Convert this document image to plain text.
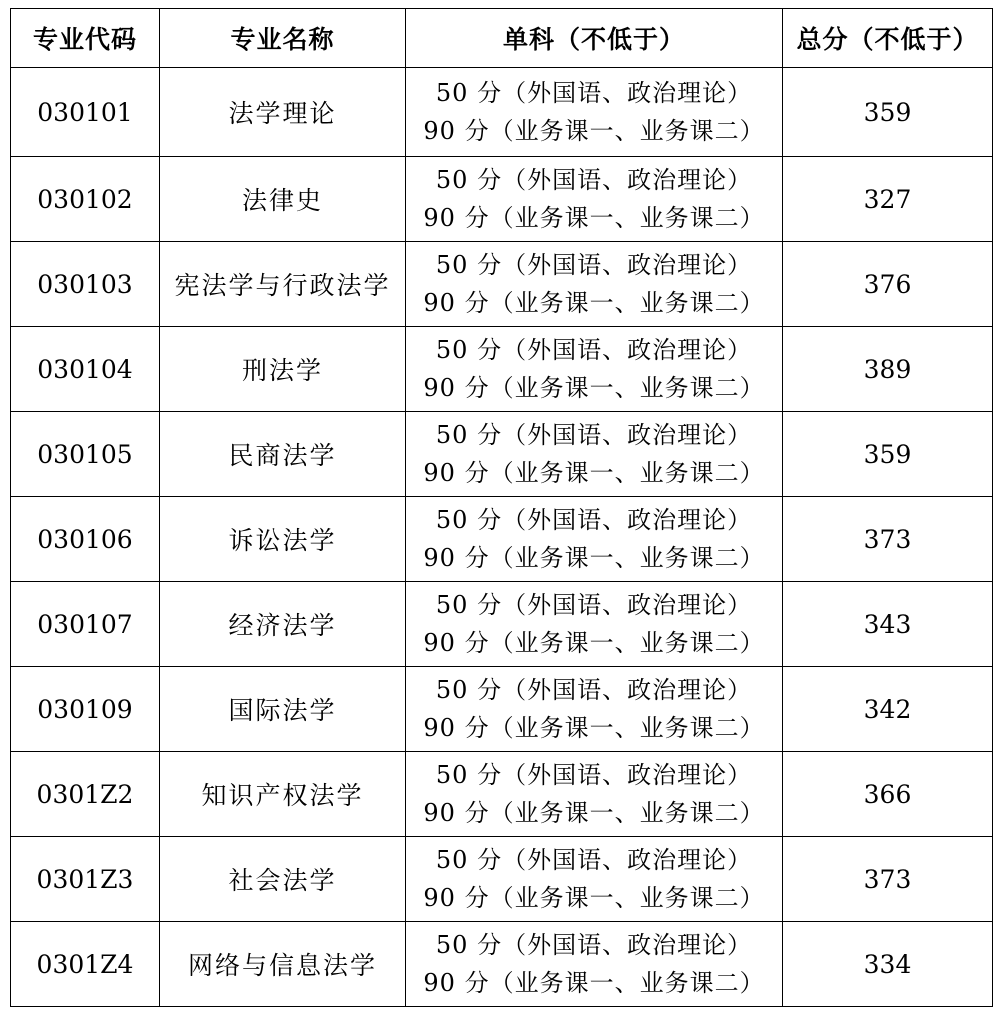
专业代码	专业名称	单科（不低于）	总分（不低于）
030101	法学理论	50 分（外国语、政治理论）
90 分（业务课一、业务课二）	359
030102	法律史	50 分（外国语、政治理论）
90 分（业务课一、业务课二）	327
030103	宪法学与行政法学	50 分（外国语、政治理论）
90 分（业务课一、业务课二）	376
030104	刑法学	50 分（外国语、政治理论）
90 分（业务课一、业务课二）	389
030105	民商法学	50 分（外国语、政治理论）
90 分（业务课一、业务课二）	359
030106	诉讼法学	50 分（外国语、政治理论）
90 分（业务课一、业务课二）	373
030107	经济法学	50 分（外国语、政治理论）
90 分（业务课一、业务课二）	343
030109	国际法学	50 分（外国语、政治理论）
90 分（业务课一、业务课二）	342
0301Z2	知识产权法学	50 分（外国语、政治理论）
90 分（业务课一、业务课二）	366
0301Z3	社会法学	50 分（外国语、政治理论）
90 分（业务课一、业务课二）	373
0301Z4	网络与信息法学	50 分（外国语、政治理论）
90 分（业务课一、业务课二）	334
